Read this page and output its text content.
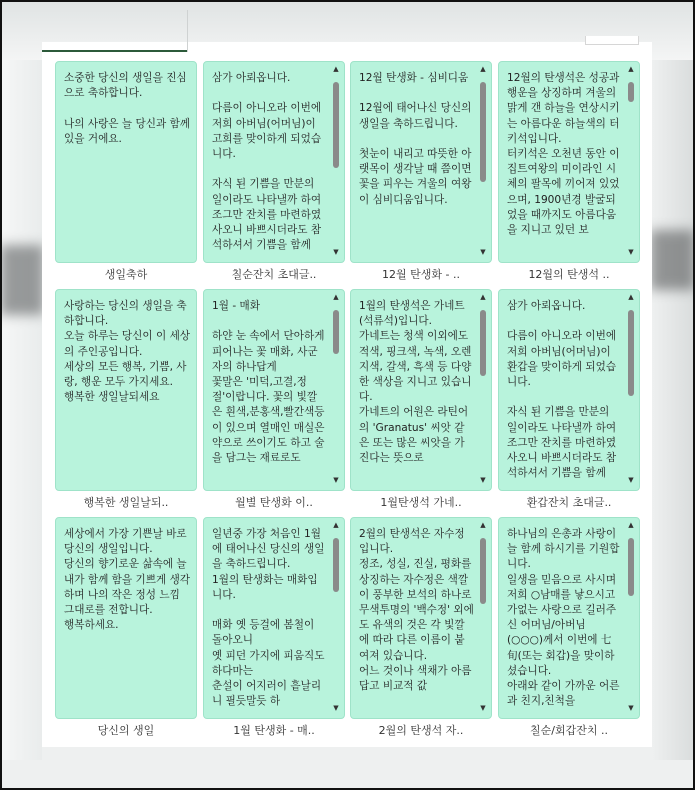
소중한 당신의 생일을 진심으로 축하합니다.

나의 사랑은 늘 당신과 함께 있을 거에요.
생일축하
삼가 아뢰옵니다.

다름이 아니오라 이번에 저희 아버님(어머님)이 고희를 맞이하게 되었습니다.

자식 된 기쁨을 만분의 일이라도 나타낼까 하여 조그만 잔치를 마련하였사오니 바쁘시더라도 참석하셔서 기쁨을 함께
▲
▼
칠순잔치 초대글..
12월 탄생화 - 심비디움

12월에 태어나신 당신의 생일을 축하드립니다.

첫눈이 내리고 따뜻한 아랫목이 생각날 때 쯤이면 꽃을 피우는 겨울의 여왕이 심비디움입니다.
▲
▼
12월 탄생화 - ..
12월의 탄생석은 성공과 행운을 상징하며 겨울의 맑게 갠 하늘을 연상시키는 아름다운 하늘색의 터키석입니다.
터키석은 오천년 동안 이집트여왕의 미이라인 시체의 팔목에 끼어져 있었으며, 1900년경 발굴되었을 때까지도 아름다움을 지니고 있던 보
▲
▼
12월의 탄생석 ..
사랑하는 당신의 생일을 축하합니다.
오늘 하루는 당신이 이 세상의 주인공입니다.
세상의 모든 행복, 기쁨, 사랑, 행운 모두 가지세요.
행복한 생일날되세요
행복한 생일날되..
1월 - 매화

하얀 눈 속에서 단아하게 피어나는 꽃 매화, 사군자의 하나답게
꽃말은 '미덕,고결,정절'이랍니다. 꽃의 빛깔은 흰색,분홍색,빨간색등이 있으며 열매인 매실은 약으로 쓰이기도 하고 술을 담그는 재료로도
▲
▼
월별 탄생화 이..
1월의 탄생석은 가네트(석류석)입니다.
가네트는 청색 이외에도 적색, 핑크색, 녹색, 오렌지색, 갈색, 흑색 등 다양한 색상을 지니고 있습니다.
가네트의 어원은 라틴어의 'Granatus' 씨앗 같은 또는 많은 씨앗을 가진다는 뜻으로
▲
▼
1월탄생석 가네..
삼가 아뢰옵니다.

다름이 아니오라 이번에 저희 아버님(어머님)이 환갑을 맞이하게 되었습니다.

자식 된 기쁨을 만분의 일이라도 나타낼까 하여 조그만 잔치를 마련하였사오니 바쁘시더라도 참석하셔서 기쁨을 함께
▲
▼
환갑잔치 초대글..
세상에서 가장 기쁜날 바로 당신의 생일입니다.
당신의 향기로운 삶속에 늘 내가 함께 함을 기쁘게 생각하며 나의 작은 정성 느낌 그대로를 전합니다.
행복하세요.
당신의 생일
일년중 가장 처음인 1월에 태어나신 당신의 생일을 축하드립니다.
1월의 탄생화는 매화입니다.

매화 옛 등걸에 봄철이 돌아오니
옛 피던 가지에 피움직도 하다마는
춘설이 어지러이 흩날리니 필듯말듯 하
▲
▼
1월 탄생화 - 매..
2월의 탄생석은 자수정입니다.
정조, 성실, 진실, 평화를 상징하는 자수정은 색깔이 풍부한 보석의 하나로 무색투명의 '백수정' 외에도 유색의 것은 각 빛깔에 따라 다른 이름이 붙여져 있습니다.
어느 것이나 색채가 아름답고 비교적 값
▲
▼
2월의 탄생석 자..
하나님의 은총과 사랑이 늘 함께 하시기를 기원합니다.
일생을 믿음으로 사시며 저희 ○남매를 낳으시고 가없는 사랑으로 길러주신 어머님/아버님
(○○○)께서 이번에 七旬(또는 회갑)을 맞이하셨습니다.
아래와 같이 가까운 어른과 친지,친척을
▲
▼
칠순/회갑잔치 ..
